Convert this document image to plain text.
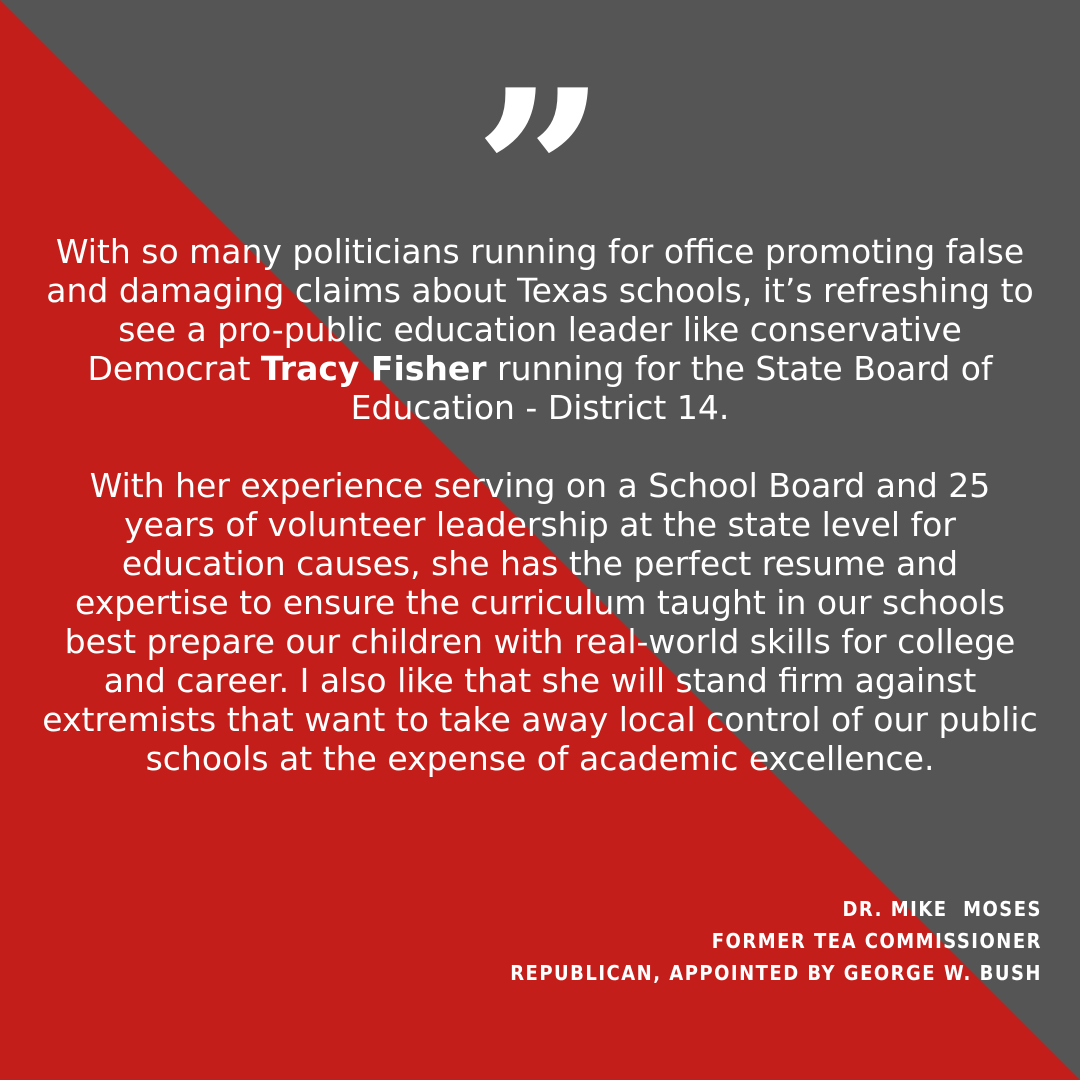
”

With so many politicians running for office promoting false and damaging claims about Texas schools, it’s refreshing to see a pro-public education leader like conservative Democrat Tracy Fisher running for the State Board of Education - District 14.

With her experience serving on a School Board and 25 years of volunteer leadership at the state level for education causes, she has the perfect resume and expertise to ensure the curriculum taught in our schools best prepare our children with real-world skills for college and career. I also like that she will stand firm against extremists that want to take away local control of our public schools at the expense of academic excellence.

DR. MIKE  MOSES
FORMER TEA COMMISSIONER
REPUBLICAN, APPOINTED BY GEORGE W. BUSH
